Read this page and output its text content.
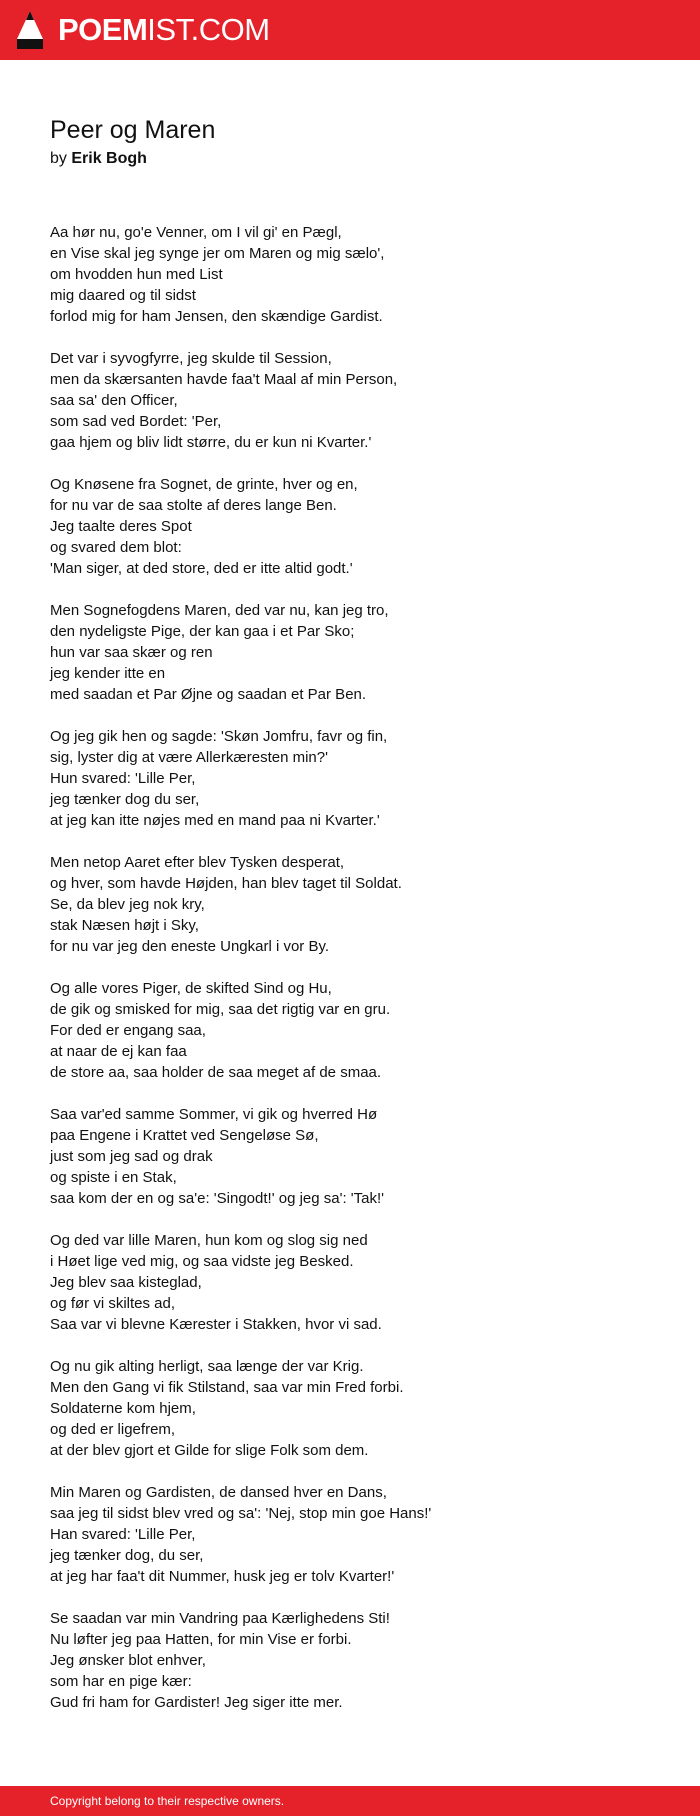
POEMIST.COM
Peer og Maren
by Erik Bogh
Aa hør nu, go'e Venner, om I vil gi' en Pægl,
en Vise skal jeg synge jer om Maren og mig sælo',
om hvodden hun med List
mig daared og til sidst
forlod mig for ham Jensen, den skændige Gardist.
Det var i syvogfyrre, jeg skulde til Session,
men da skærsanten havde faa't Maal af min Person,
saa sa' den Officer,
som sad ved Bordet: 'Per,
gaa hjem og bliv lidt større, du er kun ni Kvarter.'
Og Knøsene fra Sognet, de grinte, hver og en,
for nu var de saa stolte af deres lange Ben.
Jeg taalte deres Spot
og svared dem blot:
'Man siger, at ded store, ded er itte altid godt.'
Men Sognefogdens Maren, ded var nu, kan jeg tro,
den nydeligste Pige, der kan gaa i et Par Sko;
hun var saa skær og ren
jeg kender itte en
med saadan et Par Øjne og saadan et Par Ben.
Og jeg gik hen og sagde: 'Skøn Jomfru, favr og fin,
sig, lyster dig at være Allerkæresten min?'
Hun svared: 'Lille Per,
jeg tænker dog du ser,
at jeg kan itte nøjes med en mand paa ni Kvarter.'
Men netop Aaret efter blev Tysken desperat,
og hver, som havde Højden, han blev taget til Soldat.
Se, da blev jeg nok kry,
stak Næsen højt i Sky,
for nu var jeg den eneste Ungkarl i vor By.
Og alle vores Piger, de skifted Sind og Hu,
de gik og smisked for mig, saa det rigtig var en gru.
For ded er engang saa,
at naar de ej kan faa
de store aa, saa holder de saa meget af de smaa.
Saa var'ed samme Sommer, vi gik og hverred Hø
paa Engene i Krattet ved Sengeløse Sø,
just som jeg sad og drak
og spiste i en Stak,
saa kom der en og sa'e: 'Singodt!' og jeg sa': 'Tak!'
Og ded var lille Maren, hun kom og slog sig ned
i Høet lige ved mig, og saa vidste jeg Besked.
Jeg blev saa kisteglad,
og før vi skiltes ad,
Saa var vi blevne Kærester i Stakken, hvor vi sad.
Og nu gik alting herligt, saa længe der var Krig.
Men den Gang vi fik Stilstand, saa var min Fred forbi.
Soldaterne kom hjem,
og ded er ligefrem,
at der blev gjort et Gilde for slige Folk som dem.
Min Maren og Gardisten, de dansed hver en Dans,
saa jeg til sidst blev vred og sa': 'Nej, stop min goe Hans!'
Han svared: 'Lille Per,
jeg tænker dog, du ser,
at jeg har faa't dit Nummer, husk jeg er tolv Kvarter!'
Se saadan var min Vandring paa Kærlighedens Sti!
Nu løfter jeg paa Hatten, for min Vise er forbi.
Jeg ønsker blot enhver,
som har en pige kær:
Gud fri ham for Gardister! Jeg siger itte mer.
Copyright belong to their respective owners.
